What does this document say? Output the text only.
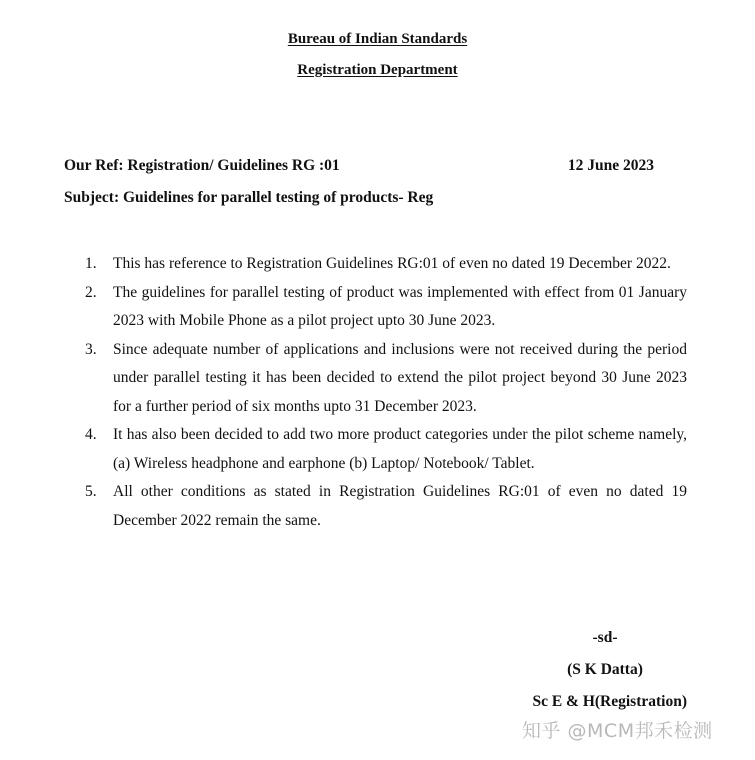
Bureau of Indian Standards
Registration Department
Our Ref: Registration/ Guidelines RG :01	12 June 2023
Subject: Guidelines for parallel testing of products- Reg
1. This has reference to Registration Guidelines RG:01 of even no dated 19 December 2022.
2. The guidelines for parallel testing of product was implemented with effect from 01 January 2023 with Mobile Phone as a pilot project upto 30 June 2023.
3. Since adequate number of applications and inclusions were not received during the period under parallel testing it has been decided to extend the pilot project beyond 30 June 2023 for a further period of six months upto 31 December 2023.
4. It has also been decided to add two more product categories under the pilot scheme namely, (a) Wireless headphone and earphone (b) Laptop/ Notebook/ Tablet.
5. All other conditions as stated in Registration Guidelines RG:01 of even no dated 19 December 2022 remain the same.
-sd-
(S K Datta)
Sc E & H(Registration)
知乎 @MCM邦禾检测
